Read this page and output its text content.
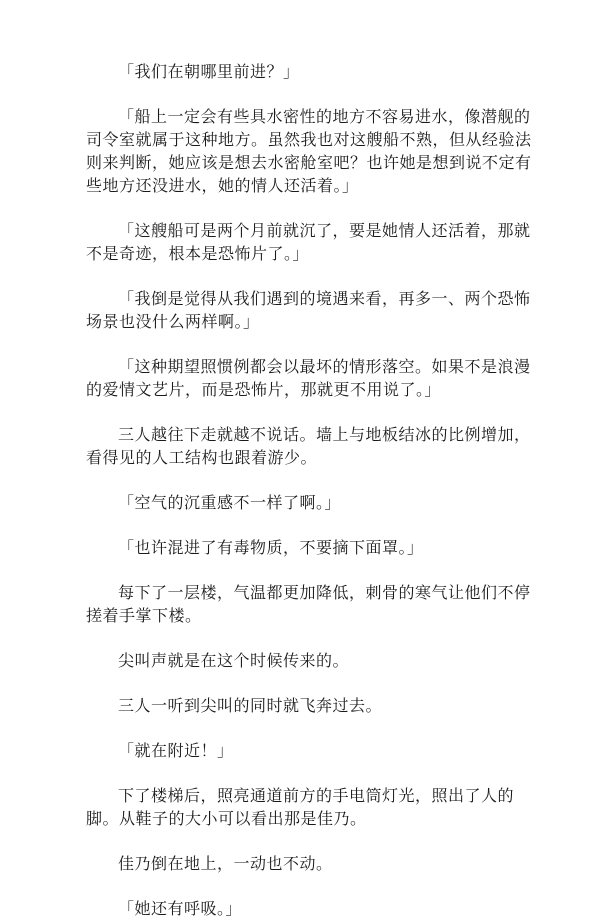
「我们在朝哪里前进？」

「船上一定会有些具水密性的地方不容易进水，像潜舰的司令室就属于这种地方。虽然我也对这艘船不熟，但从经验法则来判断，她应该是想去水密舱室吧？也许她是想到说不定有些地方还没进水，她的情人还活着。」

「这艘船可是两个月前就沉了，要是她情人还活着，那就不是奇迹，根本是恐怖片了。」

「我倒是觉得从我们遇到的境遇来看，再多一、两个恐怖场景也没什么两样啊。」

「这种期望照惯例都会以最坏的情形落空。如果不是浪漫的爱情文艺片，而是恐怖片，那就更不用说了。」

三人越往下走就越不说话。墙上与地板结冰的比例增加，看得见的人工结构也跟着游少。

「空气的沉重感不一样了啊。」

「也许混进了有毒物质，不要摘下面罩。」

每下了一层楼，气温都更加降低，刺骨的寒气让他们不停搓着手掌下楼。

尖叫声就是在这个时候传来的。

三人一听到尖叫的同时就飞奔过去。

「就在附近！」

下了楼梯后，照亮通道前方的手电筒灯光，照出了人的脚。从鞋子的大小可以看出那是佳乃。

佳乃倒在地上，一动也不动。

「她还有呼吸。」
